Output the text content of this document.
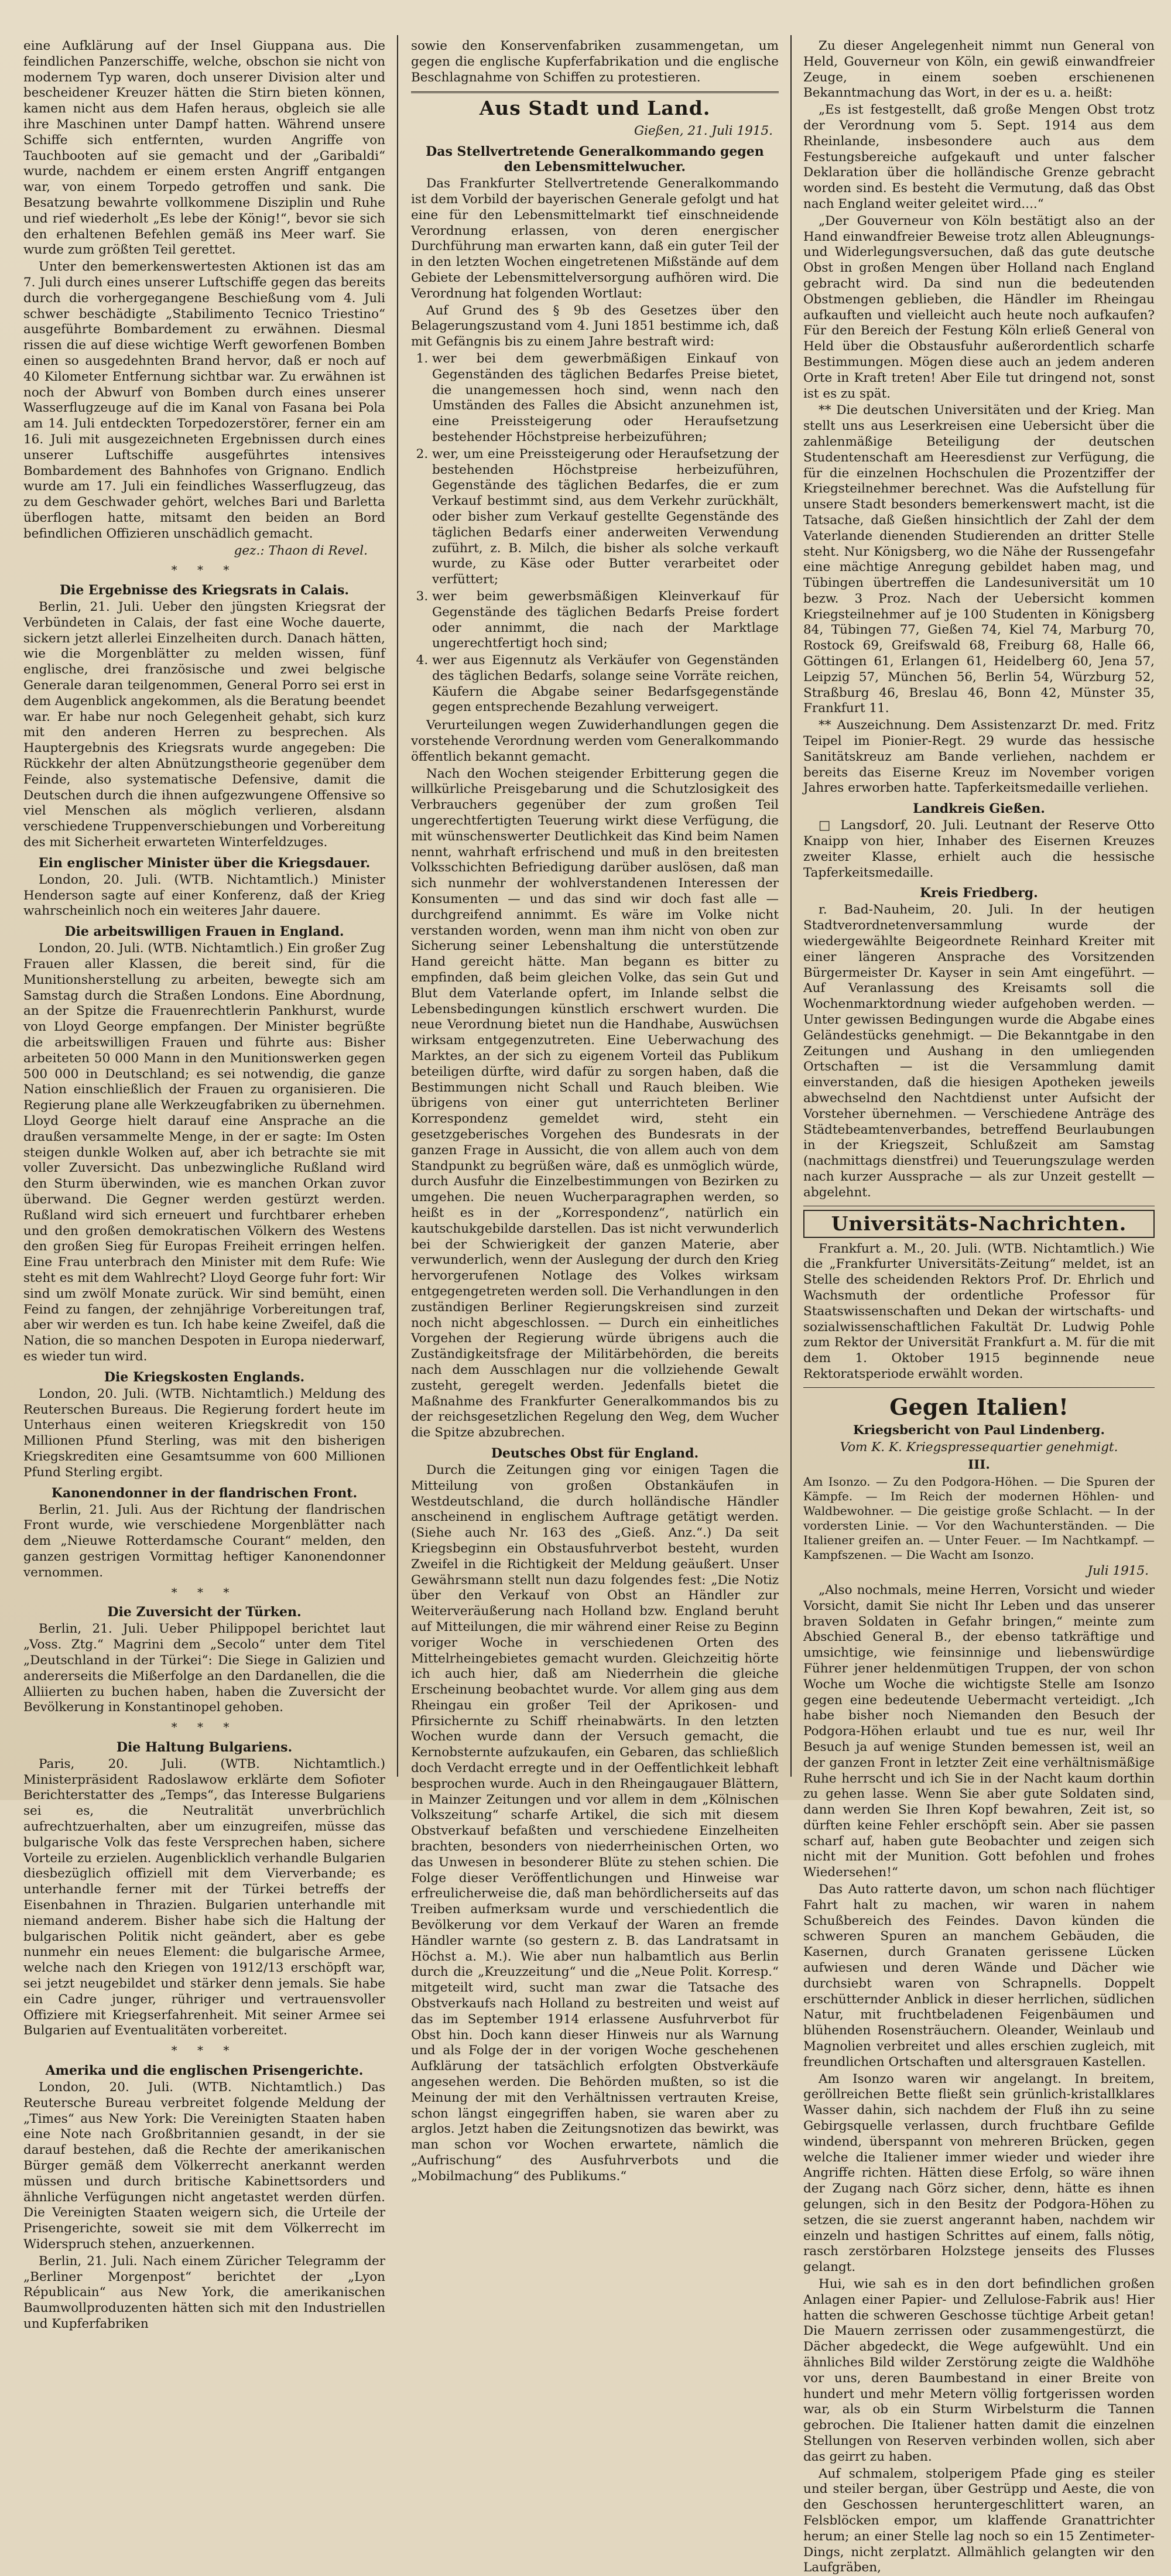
eine Aufklärung auf der Insel Giuppana aus. Die feindlichen Panzerschiffe, welche, obschon sie nicht von modernem Typ waren, doch unserer Division alter und bescheidener Kreuzer hätten die Stirn bieten können, kamen nicht aus dem Hafen heraus, obgleich sie alle ihre Maschinen unter Dampf hatten. Während unsere Schiffe sich entfernten, wurden Angriffe von Tauchbooten auf sie gemacht und der „Garibaldi“ wurde, nachdem er einem ersten Angriff entgangen war, von einem Torpedo getroffen und sank. Die Besatzung bewahrte vollkommene Disziplin und Ruhe und rief wiederholt „Es lebe der König!“, bevor sie sich den erhaltenen Befehlen gemäß ins Meer warf. Sie wurde zum größten Teil gerettet.

Unter den bemerkenswertesten Aktionen ist das am 7. Juli durch eines unserer Luftschiffe gegen das bereits durch die vorhergegangene Beschießung vom 4. Juli schwer beschädigte „Stabilimento Tecnico Triestino“ ausgeführte Bombardement zu erwähnen. Diesmal rissen die auf diese wichtige Werft geworfenen Bomben einen so ausgedehnten Brand hervor, daß er noch auf 40 Kilometer Entfernung sichtbar war. Zu erwähnen ist noch der Abwurf von Bomben durch eines unserer Wasserflugzeuge auf die im Kanal von Fasana bei Pola am 14. Juli entdeckten Torpedozerstörer, ferner ein am 16. Juli mit ausgezeichneten Ergebnissen durch eines unserer Luftschiffe ausgeführtes intensives Bombardement des Bahnhofes von Grignano. Endlich wurde am 17. Juli ein feindliches Wasserflugzeug, das zu dem Geschwader gehört, welches Bari und Barletta überflogen hatte, mitsamt den beiden an Bord befindlichen Offizieren unschädlich gemacht.

gez.: Thaon di Revel.
* * *
Die Ergebnisse des Kriegsrats in Calais.

Berlin, 21. Juli. Ueber den jüngsten Kriegsrat der Verbündeten in Calais, der fast eine Woche dauerte, sickern jetzt allerlei Einzelheiten durch. Danach hätten, wie die Morgenblätter zu melden wissen, fünf englische, drei französische und zwei belgische Generale daran teilgenommen, General Porro sei erst in dem Augenblick angekommen, als die Beratung beendet war. Er habe nur noch Gelegenheit gehabt, sich kurz mit den anderen Herren zu besprechen. Als Hauptergebnis des Kriegsrats wurde angegeben: Die Rückkehr der alten Abnützungstheorie gegenüber dem Feinde, also systematische Defensive, damit die Deutschen durch die ihnen aufgezwungene Offensive so viel Menschen als möglich verlieren, alsdann verschiedene Truppenverschiebungen und Vorbereitung des mit Sicherheit erwarteten Winterfeldzuges.

Ein englischer Minister über die Kriegsdauer.

London, 20. Juli. (WTB. Nichtamtlich.) Minister Henderson sagte auf einer Konferenz, daß der Krieg wahrscheinlich noch ein weiteres Jahr dauere.

Die arbeitswilligen Frauen in England.

London, 20. Juli. (WTB. Nichtamtlich.) Ein großer Zug Frauen aller Klassen, die bereit sind, für die Munitionsherstellung zu arbeiten, bewegte sich am Samstag durch die Straßen Londons. Eine Abordnung, an der Spitze die Frauenrechtlerin Pankhurst, wurde von Lloyd George empfangen. Der Minister begrüßte die arbeitswilligen Frauen und führte aus: Bisher arbeiteten 50 000 Mann in den Munitionswerken gegen 500 000 in Deutschland; es sei notwendig, die ganze Nation einschließlich der Frauen zu organisieren. Die Regierung plane alle Werkzeugfabriken zu übernehmen. Lloyd George hielt darauf eine Ansprache an die draußen versammelte Menge, in der er sagte: Im Osten steigen dunkle Wolken auf, aber ich betrachte sie mit voller Zuversicht. Das unbezwingliche Rußland wird den Sturm überwinden, wie es manchen Orkan zuvor überwand. Die Gegner werden gestürzt werden. Rußland wird sich erneuert und furchtbarer erheben und den großen demokratischen Völkern des Westens den großen Sieg für Europas Freiheit erringen helfen. Eine Frau unterbrach den Minister mit dem Rufe: Wie steht es mit dem Wahlrecht? Lloyd George fuhr fort: Wir sind um zwölf Monate zurück. Wir sind bemüht, einen Feind zu fangen, der zehnjährige Vorbereitungen traf, aber wir werden es tun. Ich habe keine Zweifel, daß die Nation, die so manchen Despoten in Europa niederwarf, es wieder tun wird.

Die Kriegskosten Englands.

London, 20. Juli. (WTB. Nichtamtlich.) Meldung des Reuterschen Bureaus. Die Regierung fordert heute im Unterhaus einen weiteren Kriegskredit von 150 Millionen Pfund Sterling, was mit den bisherigen Kriegskrediten eine Gesamtsumme von 600 Millionen Pfund Sterling ergibt.

Kanonendonner in der flandrischen Front.

Berlin, 21. Juli. Aus der Richtung der flandrischen Front wurde, wie verschiedene Morgenblätter nach dem „Nieuwe Rotterdamsche Courant“ melden, den ganzen gestrigen Vormittag heftiger Kanonendonner vernommen.

* * *
Die Zuversicht der Türken.

Berlin, 21. Juli. Ueber Philippopel berichtet laut „Voss. Ztg.“ Magrini dem „Secolo“ unter dem Titel „Deutschland in der Türkei“: Die Siege in Galizien und andererseits die Mißerfolge an den Dardanellen, die die Alliierten zu buchen haben, haben die Zuversicht der Bevölkerung in Konstantinopel gehoben.

* * *
Die Haltung Bulgariens.

Paris, 20. Juli. (WTB. Nichtamtlich.) Ministerpräsident Radoslawow erklärte dem Sofioter Berichterstatter des „Temps“, das Interesse Bulgariens sei es, die Neutralität unverbrüchlich aufrechtzuerhalten, aber um einzugreifen, müsse das bulgarische Volk das feste Versprechen haben, sichere Vorteile zu erzielen. Augenblicklich verhandle Bulgarien diesbezüglich offiziell mit dem Vierverbande; es unterhandle ferner mit der Türkei betreffs der Eisenbahnen in Thrazien. Bulgarien unterhandle mit niemand anderem. Bisher habe sich die Haltung der bulgarischen Politik nicht geändert, aber es gebe nunmehr ein neues Element: die bulgarische Armee, welche nach den Kriegen von 1912/13 erschöpft war, sei jetzt neugebildet und stärker denn jemals. Sie habe ein Cadre junger, rühriger und vertrauensvoller Offiziere mit Kriegserfahrenheit. Mit seiner Armee sei Bulgarien auf Eventualitäten vorbereitet.

* * *
Amerika und die englischen Prisengerichte.

London, 20. Juli. (WTB. Nichtamtlich.) Das Reutersche Bureau verbreitet folgende Meldung der „Times“ aus New York: Die Vereinigten Staaten haben eine Note nach Großbritannien gesandt, in der sie darauf bestehen, daß die Rechte der amerikanischen Bürger gemäß dem Völkerrecht anerkannt werden müssen und durch britische Kabinettsorders und ähnliche Verfügungen nicht angetastet werden dürfen. Die Vereinigten Staaten weigern sich, die Urteile der Prisengerichte, soweit sie mit dem Völkerrecht im Widerspruch stehen, anzuerkennen.

Berlin, 21. Juli. Nach einem Züricher Telegramm der „Berliner Morgenpost“ berichtet der „Lyon Républicain“ aus New York, die amerikanischen Baumwollproduzenten hätten sich mit den Industriellen und Kupferfabriken

sowie den Konservenfabriken zusammengetan, um gegen die englische Kupferfabrikation und die englische Beschlagnahme von Schiffen zu protestieren.

Aus Stadt und Land.
Gießen, 21. Juli 1915.
Das Stellvertretende Generalkommando gegen den Lebensmittelwucher.

Das Frankfurter Stellvertretende Generalkommando ist dem Vorbild der bayerischen Generale gefolgt und hat eine für den Lebensmittelmarkt tief einschneidende Verordnung erlassen, von deren energischer Durchführung man erwarten kann, daß ein guter Teil der in den letzten Wochen eingetretenen Mißstände auf dem Gebiete der Lebensmittelversorgung aufhören wird. Die Verordnung hat folgenden Wortlaut:

Auf Grund des § 9b des Gesetzes über den Belagerungszustand vom 4. Juni 1851 bestimme ich, daß mit Gefängnis bis zu einem Jahre bestraft wird:

1. wer bei dem gewerbmäßigen Einkauf von Gegenständen des täglichen Bedarfes Preise bietet, die unangemessen hoch sind, wenn nach den Umständen des Falles die Absicht anzunehmen ist, eine Preissteigerung oder Heraufsetzung bestehender Höchstpreise herbeizuführen;
2. wer, um eine Preissteigerung oder Heraufsetzung der bestehenden Höchstpreise herbeizuführen, Gegenstände des täglichen Bedarfes, die er zum Verkauf bestimmt sind, aus dem Verkehr zurückhält, oder bisher zum Verkauf gestellte Gegenstände des täglichen Bedarfs einer anderweiten Verwendung zuführt, z. B. Milch, die bisher als solche verkauft wurde, zu Käse oder Butter verarbeitet oder verfüttert;
3. wer beim gewerbsmäßigen Kleinverkauf für Gegenstände des täglichen Bedarfs Preise fordert oder annimmt, die nach der Marktlage ungerechtfertigt hoch sind;
4. wer aus Eigennutz als Verkäufer von Gegenständen des täglichen Bedarfs, solange seine Vorräte reichen, Käufern die Abgabe seiner Bedarfsgegenstände gegen entsprechende Bezahlung verweigert.

Verurteilungen wegen Zuwiderhandlungen gegen die vorstehende Verordnung werden vom Generalkommando öffentlich bekannt gemacht.

Nach den Wochen steigender Erbitterung gegen die willkürliche Preisgebarung und die Schutzlosigkeit des Verbrauchers gegenüber der zum großen Teil ungerechtfertigten Teuerung wirkt diese Verfügung, die mit wünschenswerter Deutlichkeit das Kind beim Namen nennt, wahrhaft erfrischend und muß in den breitesten Volksschichten Befriedigung darüber auslösen, daß man sich nunmehr der wohlverstandenen Interessen der Konsumenten — und das sind wir doch fast alle — durchgreifend annimmt. Es wäre im Volke nicht verstanden worden, wenn man ihm nicht von oben zur Sicherung seiner Lebenshaltung die unterstützende Hand gereicht hätte. Man begann es bitter zu empfinden, daß beim gleichen Volke, das sein Gut und Blut dem Vaterlande opfert, im Inlande selbst die Lebensbedingungen künstlich erschwert wurden. Die neue Verordnung bietet nun die Handhabe, Auswüchsen wirksam entgegenzutreten. Eine Ueberwachung des Marktes, an der sich zu eigenem Vorteil das Publikum beteiligen dürfte, wird dafür zu sorgen haben, daß die Bestimmungen nicht Schall und Rauch bleiben. Wie übrigens von einer gut unterrichteten Berliner Korrespondenz gemeldet wird, steht ein gesetzgeberisches Vorgehen des Bundesrats in der ganzen Frage in Aussicht, die von allem auch von dem Standpunkt zu begrüßen wäre, daß es unmöglich würde, durch Ausfuhr die Einzelbestimmungen von Bezirken zu umgehen. Die neuen Wucherparagraphen werden, so heißt es in der „Korrespondenz“, natürlich ein kautschukgebilde darstellen. Das ist nicht verwunderlich bei der Schwierigkeit der ganzen Materie, aber verwunderlich, wenn der Auslegung der durch den Krieg hervorgerufenen Notlage des Volkes wirksam entgegengetreten werden soll. Die Verhandlungen in den zuständigen Berliner Regierungskreisen sind zurzeit noch nicht abgeschlossen. — Durch ein einheitliches Vorgehen der Regierung würde übrigens auch die Zuständigkeitsfrage der Militärbehörden, die bereits nach dem Ausschlagen nur die vollziehende Gewalt zusteht, geregelt werden. Jedenfalls bietet die Maßnahme des Frankfurter Generalkommandos bis zu der reichsgesetzlichen Regelung den Weg, dem Wucher die Spitze abzubrechen.

Deutsches Obst für England.

Durch die Zeitungen ging vor einigen Tagen die Mitteilung von großen Obstankäufen in Westdeutschland, die durch holländische Händler anscheinend in englischem Auftrage getätigt werden. (Siehe auch Nr. 163 des „Gieß. Anz.“.) Da seit Kriegsbeginn ein Obstausfuhrverbot besteht, wurden Zweifel in die Richtigkeit der Meldung geäußert. Unser Gewährsmann stellt nun dazu folgendes fest: „Die Notiz über den Verkauf von Obst an Händler zur Weiterveräußerung nach Holland bzw. England beruht auf Mitteilungen, die mir während einer Reise zu Beginn voriger Woche in verschiedenen Orten des Mittelrheingebietes gemacht wurden. Gleichzeitig hörte ich auch hier, daß am Niederrhein die gleiche Erscheinung beobachtet wurde. Vor allem ging aus dem Rheingau ein großer Teil der Aprikosen- und Pfirsichernte zu Schiff rheinabwärts. In den letzten Wochen wurde dann der Versuch gemacht, die Kernobsternte aufzukaufen, ein Gebaren, das schließlich doch Verdacht erregte und in der Oeffentlichkeit lebhaft besprochen wurde. Auch in den Rheingaugauer Blättern, in Mainzer Zeitungen und vor allem in dem „Kölnischen Volkszeitung“ scharfe Artikel, die sich mit diesem Obstverkauf befaßten und verschiedene Einzelheiten brachten, besonders von niederrheinischen Orten, wo das Unwesen in besonderer Blüte zu stehen schien. Die Folge dieser Veröffentlichungen und Hinweise war erfreulicherweise die, daß man behördlicherseits auf das Treiben aufmerksam wurde und verschiedentlich die Bevölkerung vor dem Verkauf der Waren an fremde Händler warnte (so gestern z. B. das Landratsamt in Höchst a. M.). Wie aber nun halbamtlich aus Berlin durch die „Kreuzzeitung“ und die „Neue Polit. Korresp.“ mitgeteilt wird, sucht man zwar die Tatsache des Obstverkaufs nach Holland zu bestreiten und weist auf das im September 1914 erlassene Ausfuhrverbot für Obst hin. Doch kann dieser Hinweis nur als Warnung und als Folge der in der vorigen Woche geschehenen Aufklärung der tatsächlich erfolgten Obstverkäufe angesehen werden. Die Behörden mußten, so ist die Meinung der mit den Verhältnissen vertrauten Kreise, schon längst eingegriffen haben, sie waren aber zu arglos. Jetzt haben die Zeitungsnotizen das bewirkt, was man schon vor Wochen erwartete, nämlich die „Aufrischung“ des Ausfuhrverbots und die „Mobilmachung“ des Publikums.“

Zu dieser Angelegenheit nimmt nun General von Held, Gouverneur von Köln, ein gewiß einwandfreier Zeuge, in einem soeben erschienenen Bekanntmachung das Wort, in der es u. a. heißt:

„Es ist festgestellt, daß große Mengen Obst trotz der Verordnung vom 5. Sept. 1914 aus dem Rheinlande, insbesondere auch aus dem Festungsbereiche aufgekauft und unter falscher Deklaration über die holländische Grenze gebracht worden sind. Es besteht die Vermutung, daß das Obst nach England weiter geleitet wird....“

„Der Gouverneur von Köln bestätigt also an der Hand einwandfreier Beweise trotz allen Ableugnungs- und Widerlegungsversuchen, daß das gute deutsche Obst in großen Mengen über Holland nach England gebracht wird. Da sind nun die bedeutenden Obstmengen geblieben, die Händler im Rheingau aufkauften und vielleicht auch heute noch aufkaufen? Für den Bereich der Festung Köln erließ General von Held über die Obstausfuhr außerordentlich scharfe Bestimmungen. Mögen diese auch an jedem anderen Orte in Kraft treten! Aber Eile tut dringend not, sonst ist es zu spät.

** Die deutschen Universitäten und der Krieg. Man stellt uns aus Leserkreisen eine Uebersicht über die zahlenmäßige Beteiligung der deutschen Studentenschaft am Heeresdienst zur Verfügung, die für die einzelnen Hochschulen die Prozentziffer der Kriegsteilnehmer berechnet. Was die Aufstellung für unsere Stadt besonders bemerkenswert macht, ist die Tatsache, daß Gießen hinsichtlich der Zahl der dem Vaterlande dienenden Studierenden an dritter Stelle steht. Nur Königsberg, wo die Nähe der Russengefahr eine mächtige Anregung gebildet haben mag, und Tübingen übertreffen die Landesuniversität um 10 bezw. 3 Proz. Nach der Uebersicht kommen Kriegsteilnehmer auf je 100 Studenten in Königsberg 84, Tübingen 77, Gießen 74, Kiel 74, Marburg 70, Rostock 69, Greifswald 68, Freiburg 68, Halle 66, Göttingen 61, Erlangen 61, Heidelberg 60, Jena 57, Leipzig 57, München 56, Berlin 54, Würzburg 52, Straßburg 46, Breslau 46, Bonn 42, Münster 35, Frankfurt 11.

** Auszeichnung. Dem Assistenzarzt Dr. med. Fritz Teipel im Pionier-Regt. 29 wurde das hessische Sanitätskreuz am Bande verliehen, nachdem er bereits das Eiserne Kreuz im November vorigen Jahres erworben hatte. Tapferkeitsmedaille verliehen.

Landkreis Gießen.

□ Langsdorf, 20. Juli. Leutnant der Reserve Otto Knaipp von hier, Inhaber des Eisernen Kreuzes zweiter Klasse, erhielt auch die hessische Tapferkeitsmedaille.

Kreis Friedberg.

r. Bad-Nauheim, 20. Juli. In der heutigen Stadtverordnetenversammlung wurde der wiedergewählte Beigeordnete Reinhard Kreiter mit einer längeren Ansprache des Vorsitzenden Bürgermeister Dr. Kayser in sein Amt eingeführt. — Auf Veranlassung des Kreisamts soll die Wochenmarktordnung wieder aufgehoben werden. — Unter gewissen Bedingungen wurde die Abgabe eines Geländestücks genehmigt. — Die Bekanntgabe in den Zeitungen und Aushang in den umliegenden Ortschaften — ist die Versammlung damit einverstanden, daß die hiesigen Apotheken jeweils abwechselnd den Nachtdienst unter Aufsicht der Vorsteher übernehmen. — Verschiedene Anträge des Städtebeamtenverbandes, betreffend Beurlaubungen in der Kriegszeit, Schlußzeit am Samstag (nachmittags dienstfrei) und Teuerungszulage werden nach kurzer Aussprache — als zur Unzeit gestellt — abgelehnt.

Universitäts-Nachrichten.

Frankfurt a. M., 20. Juli. (WTB. Nichtamtlich.) Wie die „Frankfurter Universitäts-Zeitung“ meldet, ist an Stelle des scheidenden Rektors Prof. Dr. Ehrlich und Wachsmuth der ordentliche Professor für Staatswissenschaften und Dekan der wirtschafts- und sozialwissenschaftlichen Fakultät Dr. Ludwig Pohle zum Rektor der Universität Frankfurt a. M. für die mit dem 1. Oktober 1915 beginnende neue Rektoratsperiode erwählt worden.

Gegen Italien!
Kriegsbericht von Paul Lindenberg.
Vom K. K. Kriegspressequartier genehmigt.
III.

Am Isonzo. — Zu den Podgora-Höhen. — Die Spuren der Kämpfe. — Im Reich der modernen Höhlen- und Waldbewohner. — Die geistige große Schlacht. — In der vordersten Linie. — Vor den Wachunterständen. — Die Italiener greifen an. — Unter Feuer. — Im Nachtkampf. — Kampfszenen. — Die Wacht am Isonzo.

Juli 1915.

„Also nochmals, meine Herren, Vorsicht und wieder Vorsicht, damit Sie nicht Ihr Leben und das unserer braven Soldaten in Gefahr bringen,“ meinte zum Abschied General B., der ebenso tatkräftige und umsichtige, wie feinsinnige und liebenswürdige Führer jener heldenmütigen Truppen, der von schon Woche um Woche die wichtigste Stelle am Isonzo gegen eine bedeutende Uebermacht verteidigt. „Ich habe bisher noch Niemanden den Besuch der Podgora-Höhen erlaubt und tue es nur, weil Ihr Besuch ja auf wenige Stunden bemessen ist, weil an der ganzen Front in letzter Zeit eine verhältnismäßige Ruhe herrscht und ich Sie in der Nacht kaum dorthin zu gehen lasse. Wenn Sie aber gute Soldaten sind, dann werden Sie Ihren Kopf bewahren, Zeit ist, so dürften keine Fehler erschöpft sein. Aber sie passen scharf auf, haben gute Beobachter und zeigen sich nicht mit der Munition. Gott befohlen und frohes Wiedersehen!“

Das Auto ratterte davon, um schon nach flüchtiger Fahrt halt zu machen, wir waren in nahem Schußbereich des Feindes. Davon künden die schweren Spuren an manchem Gebäuden, die Kasernen, durch Granaten gerissene Lücken aufwiesen und deren Wände und Dächer wie durchsiebt waren von Schrapnells. Doppelt erschütternder Anblick in dieser herrlichen, südlichen Natur, mit fruchtbeladenen Feigenbäumen und blühenden Rosensträuchern. Oleander, Weinlaub und Magnolien verbreitet und alles erschien zugleich, mit freundlichen Ortschaften und altersgrauen Kastellen.

Am Isonzo waren wir angelangt. In breitem, geröllreichen Bette fließt sein grünlich-kristallklares Wasser dahin, sich nachdem der Fluß ihn zu seine Gebirgsquelle verlassen, durch fruchtbare Gefilde windend, überspannt von mehreren Brücken, gegen welche die Italiener immer wieder und wieder ihre Angriffe richten. Hätten diese Erfolg, so wäre ihnen der Zugang nach Görz sicher, denn, hätte es ihnen gelungen, sich in den Besitz der Podgora-Höhen zu setzen, die sie zuerst angerannt haben, nachdem wir einzeln und hastigen Schrittes auf einem, falls nötig, rasch zerstörbaren Holzstege jenseits des Flusses gelangt.

Hui, wie sah es in den dort befindlichen großen Anlagen einer Papier- und Zellulose-Fabrik aus! Hier hatten die schweren Geschosse tüchtige Arbeit getan! Die Mauern zerrissen oder zusammengestürzt, die Dächer abgedeckt, die Wege aufgewühlt. Und ein ähnliches Bild wilder Zerstörung zeigte die Waldhöhe vor uns, deren Baumbestand in einer Breite von hundert und mehr Metern völlig fortgerissen worden war, als ob ein Sturm Wirbelsturm die Tannen gebrochen. Die Italiener hatten damit die einzelnen Stellungen von Reserven verbinden wollen, sich aber das geirrt zu haben.

Auf schmalem, stolperigem Pfade ging es steiler und steiler bergan, über Gestrüpp und Aeste, die von den Geschossen heruntergeschlittert waren, an Felsblöcken empor, um klaffende Granattrichter herum; an einer Stelle lag noch so ein 15 Zentimeter-Dings, nicht zerplatzt. Allmählich gelangten wir den Laufgräben,
